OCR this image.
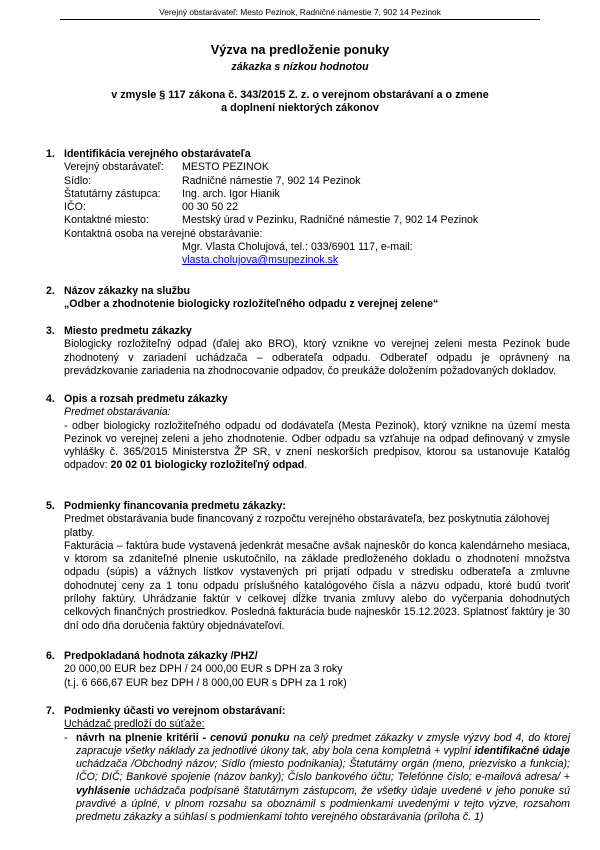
Verejný obstarávateľ: Mesto Pezinok, Radničné námestie 7, 902 14 Pezinok
Výzva na predloženie ponuky
zákazka s nízkou hodnotou
v zmysle § 117 zákona č. 343/2015 Z. z. o verejnom obstarávaní a o zmene
a doplnení niektorých zákonov
1. Identifikácia verejného obstarávateľa
Verejný obstarávateľ:	MESTO PEZINOK
Sídlo:	Radničné námestie 7, 902 14 Pezinok
Štatutárny zástupca:	Ing. arch. Igor Hianik
IČO:	00 30 50 22
Kontaktné miesto:	Mestský úrad v Pezinku, Radničné námestie 7, 902 14 Pezinok
Kontaktná osoba na verejné obstarávanie:
Mgr. Vlasta Cholujová, tel.: 033/6901 117, e-mail: vlasta.cholujova@msupezinok.sk
2. Názov zákazky na službu
„Odber a zhodnotenie biologicky rozložiteľného odpadu z verejnej zelene“
3. Miesto predmetu zákazky
Biologicky rozložiteľný odpad (ďalej ako BRO), ktorý vznikne vo verejnej zeleni mesta Pezinok bude zhodnotený v zariadení uchádzača – odberateľa odpadu. Odberateľ odpadu je oprávnený na prevádzkovanie zariadenia na zhodnocovanie odpadov, čo preukáže doložením požadovaných dokladov.
4. Opis a rozsah predmetu zákazky
Predmet obstarávania:
- odber biologicky rozložiteľného odpadu od dodávateľa (Mesta Pezinok), ktorý vznikne na území mesta Pezinok vo verejnej zeleni a jeho zhodnotenie. Odber odpadu sa vzťahuje na odpad definovaný v zmysle vyhlášky č. 365/2015 Ministerstva ŽP SR, v znení neskorších predpisov, ktorou sa ustanovuje Katalóg odpadov: 20 02 01 biologicky rozložiteľný odpad.
5. Podmienky financovania predmetu zákazky:
Predmet obstarávania bude financovaný z rozpočtu verejného obstarávateľa, bez poskytnutia zálohovej platby.
Fakturácia – faktúra bude vystavená jedenkrát mesačne avšak najneskôr do konca kalendárneho mesiaca, v ktorom sa zdaniteľné plnenie uskutočnilo, na základe predloženého dokladu o zhodnotení množstva odpadu (súpis) a vážnych lístkov vystavených pri prijatí odpadu v stredisku odberateľa a zmluvne dohodnutej ceny za 1 tonu odpadu príslušného katalógového čísla a názvu odpadu, ktoré budú tvoriť prílohy faktúry. Uhrádzanie faktúr v celkovej dĺžke trvania zmluvy alebo do vyčerpania dohodnutých celkových finančných prostriedkov. Posledná fakturácia bude najneskôr 15.12.2023. Splatnosť faktúry je 30 dní odo dňa doručenia faktúry objednávateľovi.
6. Predpokladaná hodnota zákazky /PHZ/
20 000,00 EUR bez DPH / 24 000,00 EUR s DPH za 3 roky
(t.j. 6 666,67 EUR bez DPH / 8 000,00 EUR s DPH za 1 rok)
7. Podmienky účasti vo verejnom obstarávaní:
Uchádzač predloží do súťaže:
- návrh na plnenie kritérii - cenovú ponuku na celý predmet zákazky v zmysle výzvy bod 4, do ktorej zapracuje všetky náklady za jednotlivé úkony tak, aby bola cena kompletná + vyplní identifikačné údaje uchádzača /Obchodný názov; Sídlo (miesto podnikania); Štatutárny orgán (meno, priezvisko a funkcia); IČO; DIČ; Bankové spojenie (názov banky); Číslo bankového účtu; Telefónne číslo; e-mailová adresa/ + vyhlásenie uchádzača podpísané štatutárnym zástupcom, že všetky údaje uvedené v jeho ponuke sú pravdivé a úplné, v plnom rozsahu sa oboznámil s podmienkami uvedenými v tejto výzve, rozsahom predmetu zákazky a súhlasí s podmienkami tohto verejného obstarávania (príloha č. 1)
